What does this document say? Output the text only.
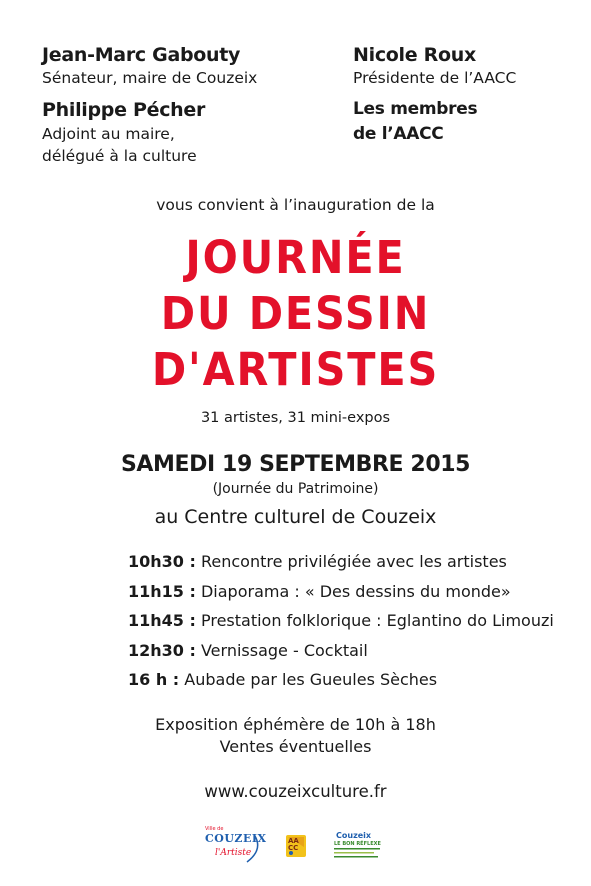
Jean-Marc Gabouty
Sénateur, maire de Couzeix
Philippe Pécher
Adjoint au maire,
délégué à la culture
Nicole Roux
Présidente de l’AACC
Les membres
de l’AACC
vous convient à l’inauguration de la
JOURNÉE
DU DESSIN
D'ARTISTES
31 artistes, 31 mini-expos
SAMEDI 19 SEPTEMBRE 2015
(Journée du Patrimoine)
au Centre culturel de Couzeix
10h30 : Rencontre privilégiée avec les artistes
11h15 : Diaporama : « Des dessins du monde»
11h45 : Prestation folklorique : Eglantino do Limouzi
12h30 : Vernissage - Cocktail
16 h : Aubade par les Gueules Sèches
Exposition éphémère de 10h à 18h
Ventes éventuelles
www.couzeixculture.fr
Ville de
COUZEIX
l'Artiste
AA
CC
Couzeix
LE BON RÉFLEXE
